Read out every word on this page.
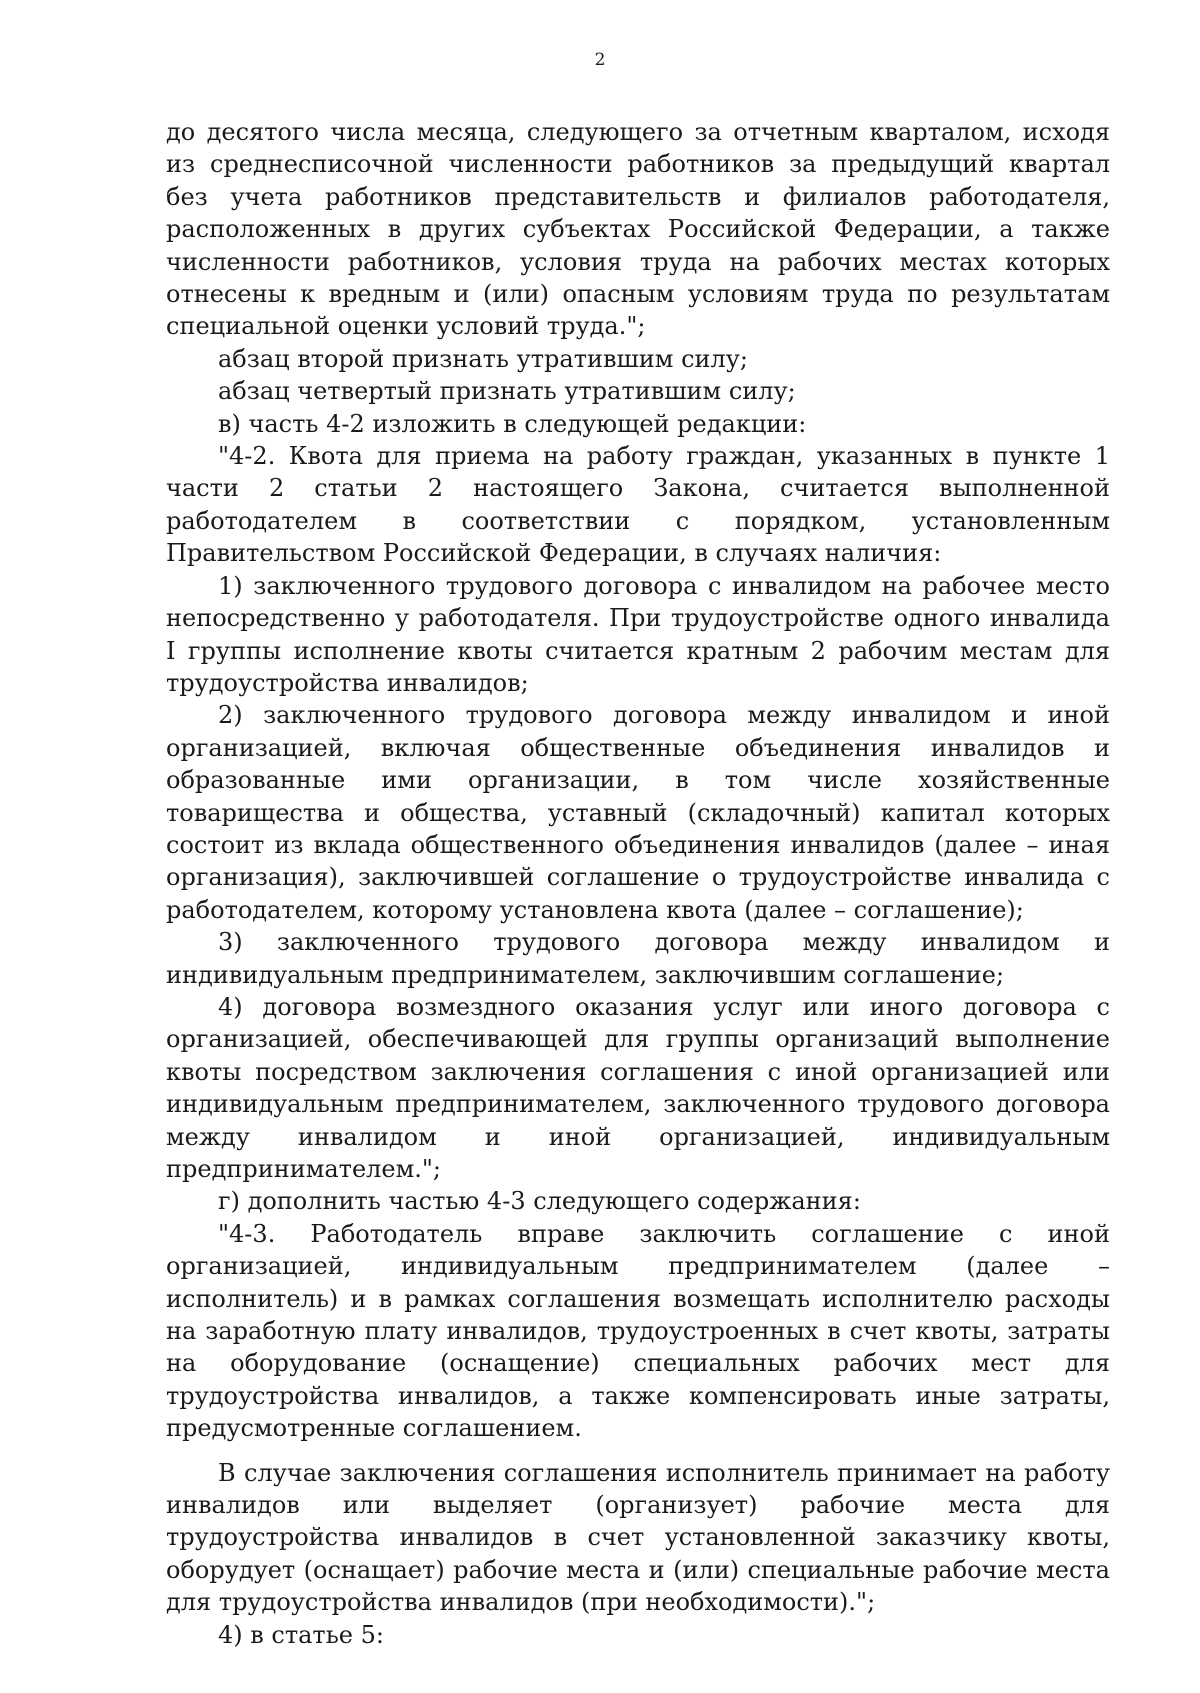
2

до десятого числа месяца, следующего за отчетным кварталом, исходя из среднесписочной численности работников за предыдущий квартал без учета работников представительств и филиалов работодателя, расположенных в других субъектах Российской Федерации, а также численности работников, условия труда на рабочих местах которых отнесены к вредным и (или) опасным условиям труда по результатам специальной оценки условий труда.";

абзац второй признать утратившим силу;

абзац четвертый признать утратившим силу;

в) часть 4-2 изложить в следующей редакции:

"4-2. Квота для приема на работу граждан, указанных в пункте 1 части 2 статьи 2 настоящего Закона, считается выполненной работодателем в соответствии с порядком, установленным Правительством Российской Федерации, в случаях наличия:

1) заключенного трудового договора с инвалидом на рабочее место непосредственно у работодателя. При трудоустройстве одного инвалида I группы исполнение квоты считается кратным 2 рабочим местам для трудоустройства инвалидов;

2) заключенного трудового договора между инвалидом и иной организацией, включая общественные объединения инвалидов и образованные ими организации, в том числе хозяйственные товарищества и общества, уставный (складочный) капитал которых состоит из вклада общественного объединения инвалидов (далее – иная организация), заключившей соглашение о трудоустройстве инвалида с работодателем, которому установлена квота (далее – соглашение);

3) заключенного трудового договора между инвалидом и индивидуальным предпринимателем, заключившим соглашение;

4) договора возмездного оказания услуг или иного договора с организацией, обеспечивающей для группы организаций выполнение квоты посредством заключения соглашения с иной организацией или индивидуальным предпринимателем, заключенного трудового договора между инвалидом и иной организацией, индивидуальным предпринимателем.";

г) дополнить частью 4-3 следующего содержания:

"4-3. Работодатель вправе заключить соглашение с иной организацией, индивидуальным предпринимателем (далее – исполнитель) и в рамках соглашения возмещать исполнителю расходы на заработную плату инвалидов, трудоустроенных в счет квоты, затраты на оборудование (оснащение) специальных рабочих мест для трудоустройства инвалидов, а также компенсировать иные затраты, предусмотренные соглашением.

В случае заключения соглашения исполнитель принимает на работу инвалидов или выделяет (организует) рабочие места для трудоустройства инвалидов в счет установленной заказчику квоты, оборудует (оснащает) рабочие места и (или) специальные рабочие места для трудоустройства инвалидов (при необходимости).";

4) в статье 5:
